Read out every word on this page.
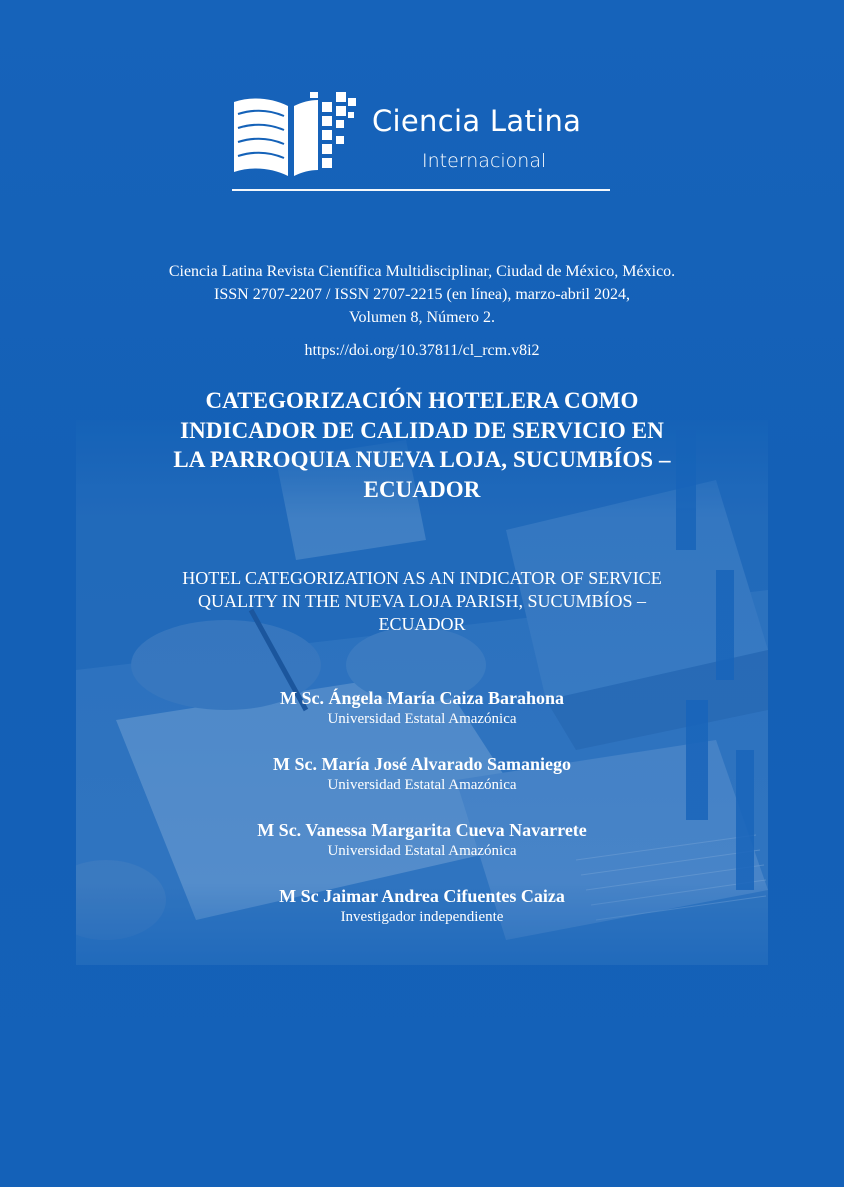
Ciencia Latina
Internacional
Ciencia Latina Revista Científica Multidisciplinar, Ciudad de México, México.
ISSN 2707-2207 / ISSN 2707-2215 (en línea), marzo-abril 2024,
Volumen 8, Número 2.
https://doi.org/10.37811/cl_rcm.v8i2
CATEGORIZACIÓN HOTELERA COMO
INDICADOR DE CALIDAD DE SERVICIO EN
LA PARROQUIA NUEVA LOJA, SUCUMBÍOS –
ECUADOR
HOTEL CATEGORIZATION AS AN INDICATOR OF SERVICE
QUALITY IN THE NUEVA LOJA PARISH, SUCUMBÍOS –
ECUADOR
M Sc. Ángela María Caiza Barahona
Universidad Estatal Amazónica
M Sc. María José Alvarado Samaniego
Universidad Estatal Amazónica
M Sc. Vanessa Margarita Cueva Navarrete
Universidad Estatal Amazónica
M Sc Jaimar Andrea Cifuentes Caiza
Investigador independiente
